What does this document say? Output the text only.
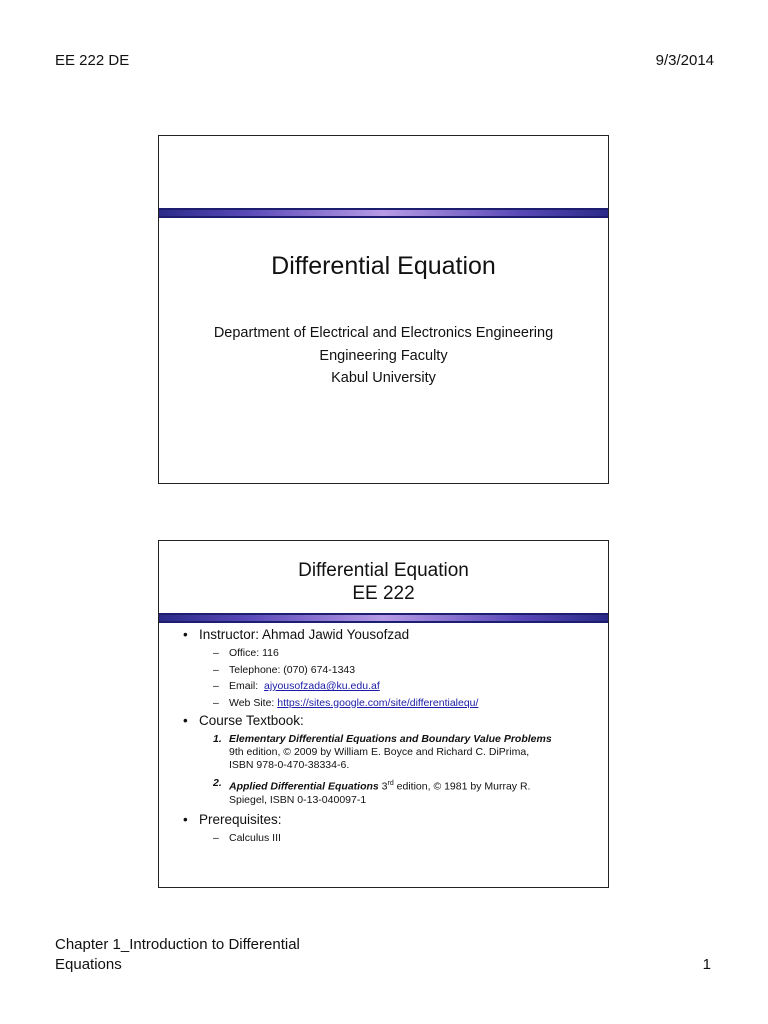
EE 222 DE	9/3/2014
Differential Equation
Department of Electrical and Electronics Engineering
Engineering Faculty
Kabul University
Differential Equation
EE 222
• Instructor: Ahmad Jawid Yousofzad
– Office: 116
– Telephone: (070) 674-1343
– Email: ajyousofzada@ku.edu.af
– Web Site: https://sites.google.com/site/differentialequ/
• Course Textbook:
1. Elementary Differential Equations and Boundary Value Problems
9th edition, © 2009 by William E. Boyce and Richard C. DiPrima,
ISBN 978-0-470-38334-6.
2. Applied Differential Equations 3rd edition, © 1981 by Murray R.
Spiegel, ISBN 0-13-040097-1
• Prerequisites:
– Calculus III
Chapter 1_Introduction to Differential
Equations	1
